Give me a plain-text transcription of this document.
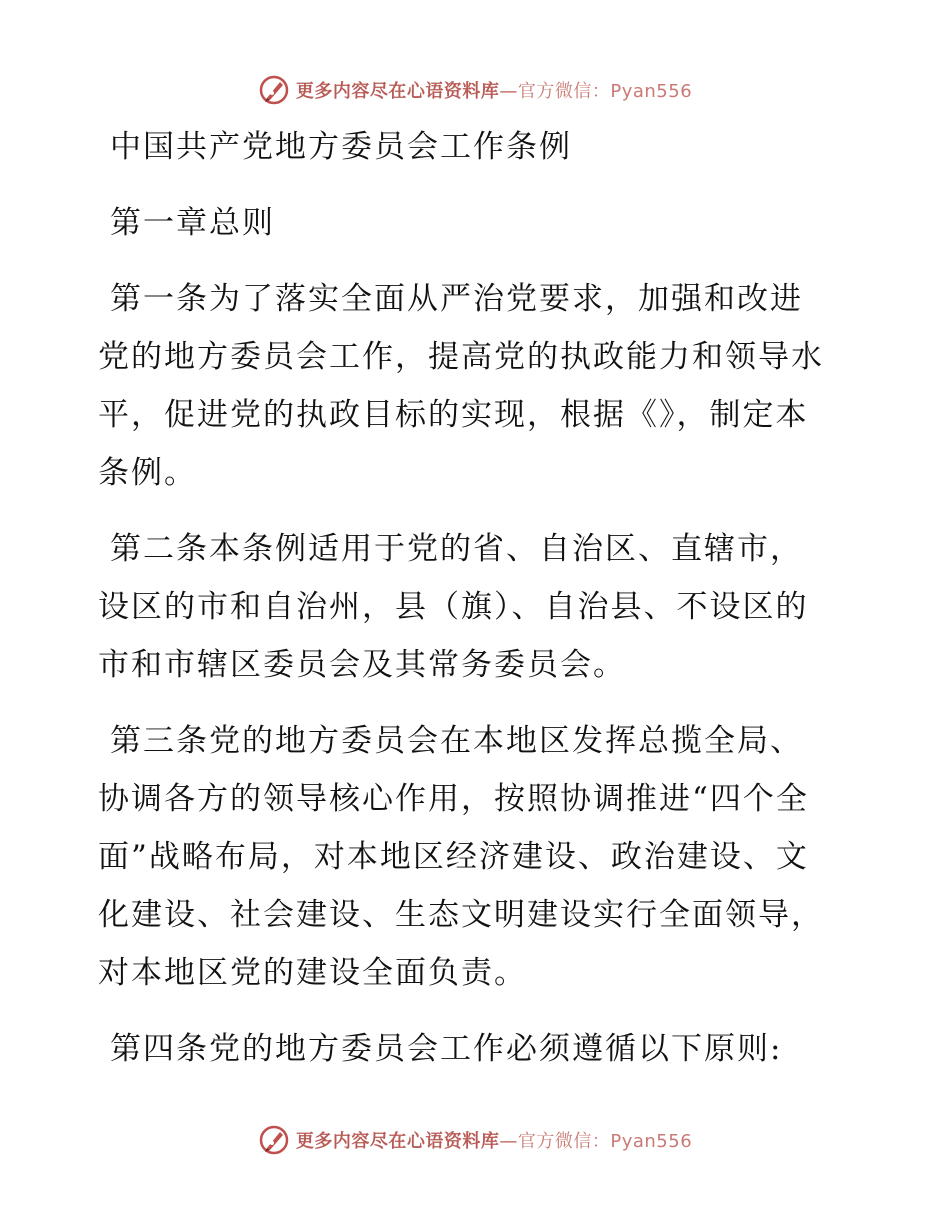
更多内容尽在心语资料库—官方微信：Pyan556
中国共产党地方委员会工作条例
第一章总则
第一条为了落实全面从严治党要求，加强和改进
党的地方委员会工作，提高党的执政能力和领导水
平，促进党的执政目标的实现，根据《》，制定本
条例。
第二条本条例适用于党的省、自治区、直辖市，
设区的市和自治州，县（旗）、自治县、不设区的
市和市辖区委员会及其常务委员会。
第三条党的地方委员会在本地区发挥总揽全局、
协调各方的领导核心作用，按照协调推进“四个全
面”战略布局，对本地区经济建设、政治建设、文
化建设、社会建设、生态文明建设实行全面领导，
对本地区党的建设全面负责。
第四条党的地方委员会工作必须遵循以下原则:
更多内容尽在心语资料库—官方微信：Pyan556
